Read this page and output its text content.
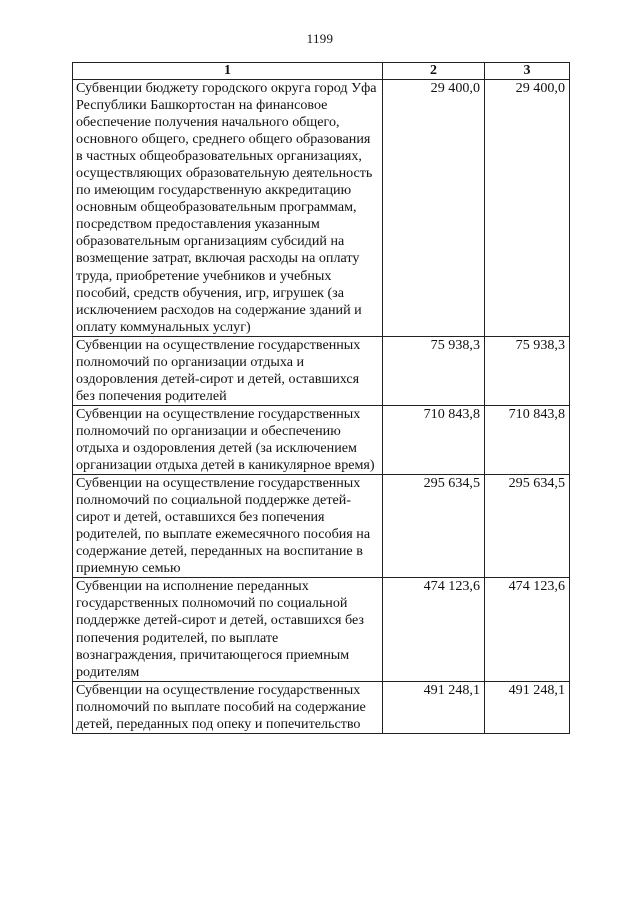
1199
1	2	3

Субвенции бюджету городского округа город Уфа Республики Башкортостан на финансовое обеспечение получения начального общего, основного общего, среднего общего образования в частных общеобразовательных организациях, осуществляющих образовательную деятельность по имеющим государственную аккредитацию основным общеобразовательным программам, посредством предоставления указанным образовательным организациям субсидий на возмещение затрат, включая расходы на оплату труда, приобретение учебников и учебных пособий, средств обучения, игр, игрушек (за исключением расходов на содержание зданий и оплату коммунальных услуг)	29 400,0	29 400,0

Субвенции на осуществление государственных полномочий по организации отдыха и оздоровления детей-сирот и детей, оставшихся без попечения родителей	75 938,3	75 938,3

Субвенции на осуществление государственных полномочий по организации и обеспечению отдыха и оздоровления детей (за исключением организации отдыха детей в каникулярное время)	710 843,8	710 843,8

Субвенции на осуществление государственных полномочий по социальной поддержке детей-сирот и детей, оставшихся без попечения родителей, по выплате ежемесячного пособия на содержание детей, переданных на воспитание в приемную семью	295 634,5	295 634,5

Субвенции на исполнение переданных государственных полномочий по социальной поддержке детей-сирот и детей, оставшихся без попечения родителей, по выплате вознаграждения, причитающегося приемным родителям	474 123,6	474 123,6

Субвенции на осуществление государственных полномочий по выплате пособий на содержание детей, переданных под опеку и попечительство	491 248,1	491 248,1
